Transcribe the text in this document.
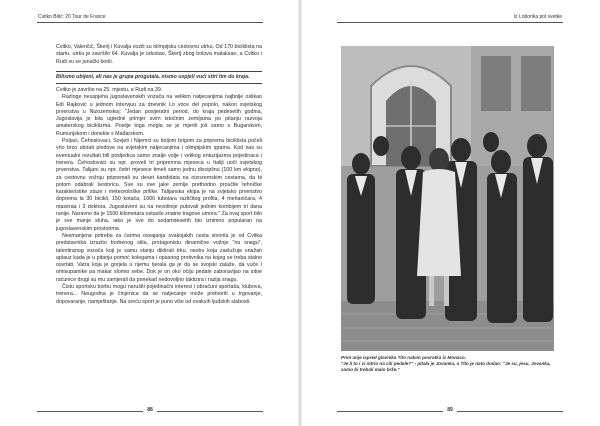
Cvitko Bilić: 20 Tour de France

Cvitko, Valenčić, Škerlj i Kuvalja vozili su olimpijsku cestovnu utrku. Od 170 biciklista na startu, utrku je završilo 64. Kuvalja je odustao, Škerlj zbog bolova malaksao, a Cvitko i Rudi su se junački borili.

Bilismo ubijeni, ali nas je grupa progutala, nismo uspjeli vući stiri tim do kraja.

Cvitko je završio na 25. mjestu, a Rudi na 39.

Razloge neuspjeha jugoslavenskih vozača na velikim natjecanjima najbolje oslikao Edi Rajković u jednom intervjuu za dnevnik Lo voce del popolo, nakon svjetskog prvenstva u Nizozemskoj: "Jedan posljeratni period, do kraja pedesetih godina, Jugoslavija je bila uglednii primjer svim istočnim zemljama po pitanju razvoja amaterskog biciklizma. Poslije toga mogla se je mjeriti još samo s Bugarskom, Rumunjskom i donekle s Mađarskom.

Poljaci, Čehoslovaci, Sovjeti i Nijemci su boljom brigom za pripremu biciklista počeli vrlo brzo ubirati plodove na svjetskim natjecanjima i olimpijskim igrama. Kod nas su eventualni rezultati bili posljedica samo znalje volje i velikog entuzijazma pojedinaca i trenera. Čehoslovaci su npr. proveli tri pripremna mjeseca u Italiji uoči svjetskog prvenstva. Talijani su npr. četiri mjesece timeli samo jednu disciplinu (100 km ekipno), za cestovnu vožnju pripremali su deset kandidata na nizozemskim cestama, da bi potom odabrali šestoricu. Sve su ove jake zemlje prethodno proučile tehničke karakteristike staze i meteorološke prilike. Talijanska ekipa je na svjetsko prvenstvo doprema la 30 bicikli, 150 kotača, 1000 tubolara različitog profila, 4 mehaničara, 4 maseraa i 3 doktora. Jugoslaveni su na nevolinije putovali jednim kombijem tri dana ranije. Naravno da je 1500 kilometara ostavilo znatne tragove umora." Za ovaj sport bilo je sve manje sluha, iako je sve do sedamdesetih bio iznimno popularan na jugoslavenskim prostorima.

Nesmanjena potreba za čarima osvajanja svakojakih cesta stvorila je od Cvitka predstavnika izrazito borbenog stila, protagonistu dinamične vožnje "na snagu", talentiranog vozača koji je samu stanju diktirati trku, osobu koja zaslužuje snažan aplauz kada je u pitanju pomoć kolegama i opasnog protivnika na kojeg se treba stalno osvrtati. Vatra koja je gorjela u njemu tjerala ga je da se svojski zalaže, da vuče i omisupamike pa makar slomio sebe. Dok je on oko očiju pedale zaboravljao na sitne računice drugi su mu zamjerali da ponekad nedovoljno taktizira i razija snagu.

Čistu sportsku borbu mogu narušiti pojedinačni interesi i obračuni sportaša, klubova, trenera... Neugodna je činjenica da se natjecanje može pretvoriti u trgovanje, dopovaranje, namještanje. Na sreću sport je puno više od ovakvih ljudskih slabosti.

88
Iz Loborika pol svetke
89
Prim anje ispred glavnika Tito nakon povratka iz Monaco.
"Je li to i vi mtrio na cili pedale?" - pitala je Jovanka, a Tito je nato dodao: "Je su, jesu, Jovanka, samo bi trebali malo brže."
